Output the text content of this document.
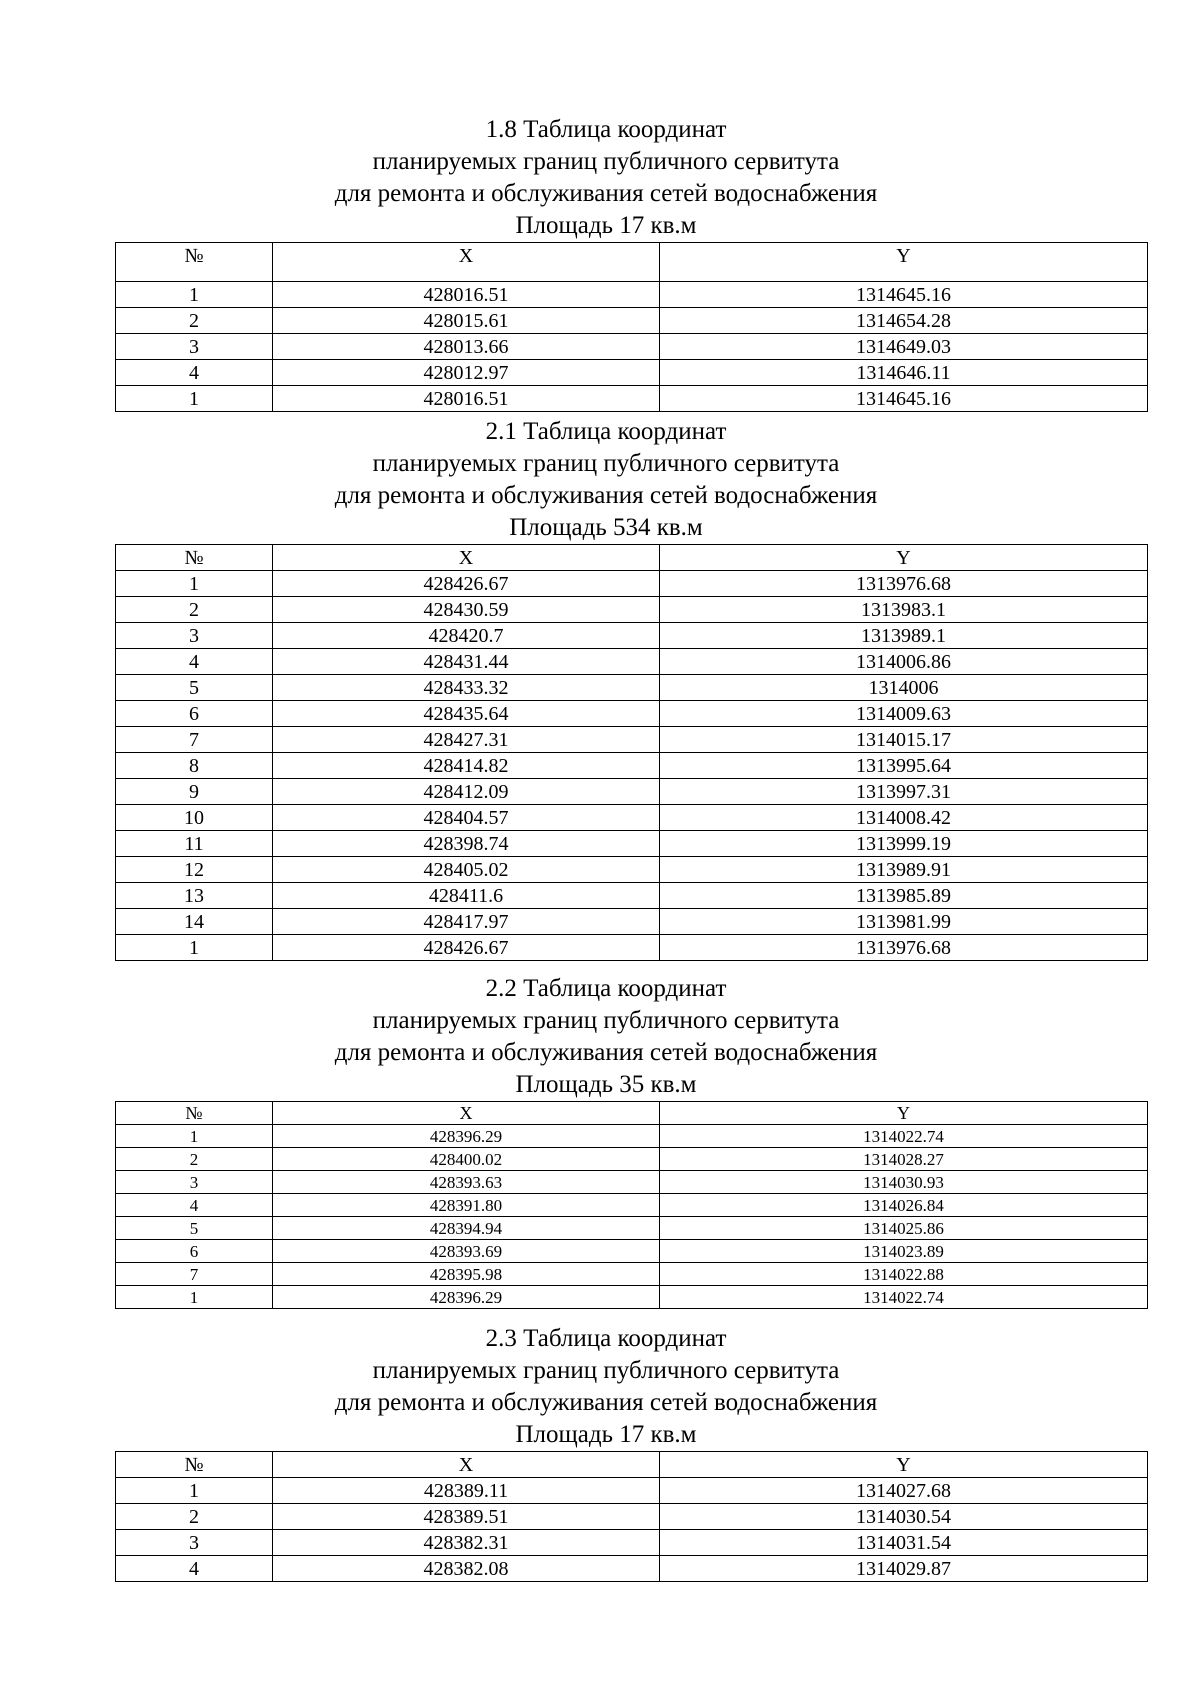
1.8 Таблица координат
планируемых границ публичного сервитута
для ремонта и обслуживания сетей водоснабжения
Площадь 17 кв.м
№	X	Y
1	428016.51	1314645.16
2	428015.61	1314654.28
3	428013.66	1314649.03
4	428012.97	1314646.11
1	428016.51	1314645.16
2.1 Таблица координат
планируемых границ публичного сервитута
для ремонта и обслуживания сетей водоснабжения
Площадь 534 кв.м
№	X	Y
1	428426.67	1313976.68
2	428430.59	1313983.1
3	428420.7	1313989.1
4	428431.44	1314006.86
5	428433.32	1314006
6	428435.64	1314009.63
7	428427.31	1314015.17
8	428414.82	1313995.64
9	428412.09	1313997.31
10	428404.57	1314008.42
11	428398.74	1313999.19
12	428405.02	1313989.91
13	428411.6	1313985.89
14	428417.97	1313981.99
1	428426.67	1313976.68
2.2 Таблица координат
планируемых границ публичного сервитута
для ремонта и обслуживания сетей водоснабжения
Площадь 35 кв.м
№	X	Y
1	428396.29	1314022.74
2	428400.02	1314028.27
3	428393.63	1314030.93
4	428391.80	1314026.84
5	428394.94	1314025.86
6	428393.69	1314023.89
7	428395.98	1314022.88
1	428396.29	1314022.74
2.3 Таблица координат
планируемых границ публичного сервитута
для ремонта и обслуживания сетей водоснабжения
Площадь 17 кв.м
№	X	Y
1	428389.11	1314027.68
2	428389.51	1314030.54
3	428382.31	1314031.54
4	428382.08	1314029.87
